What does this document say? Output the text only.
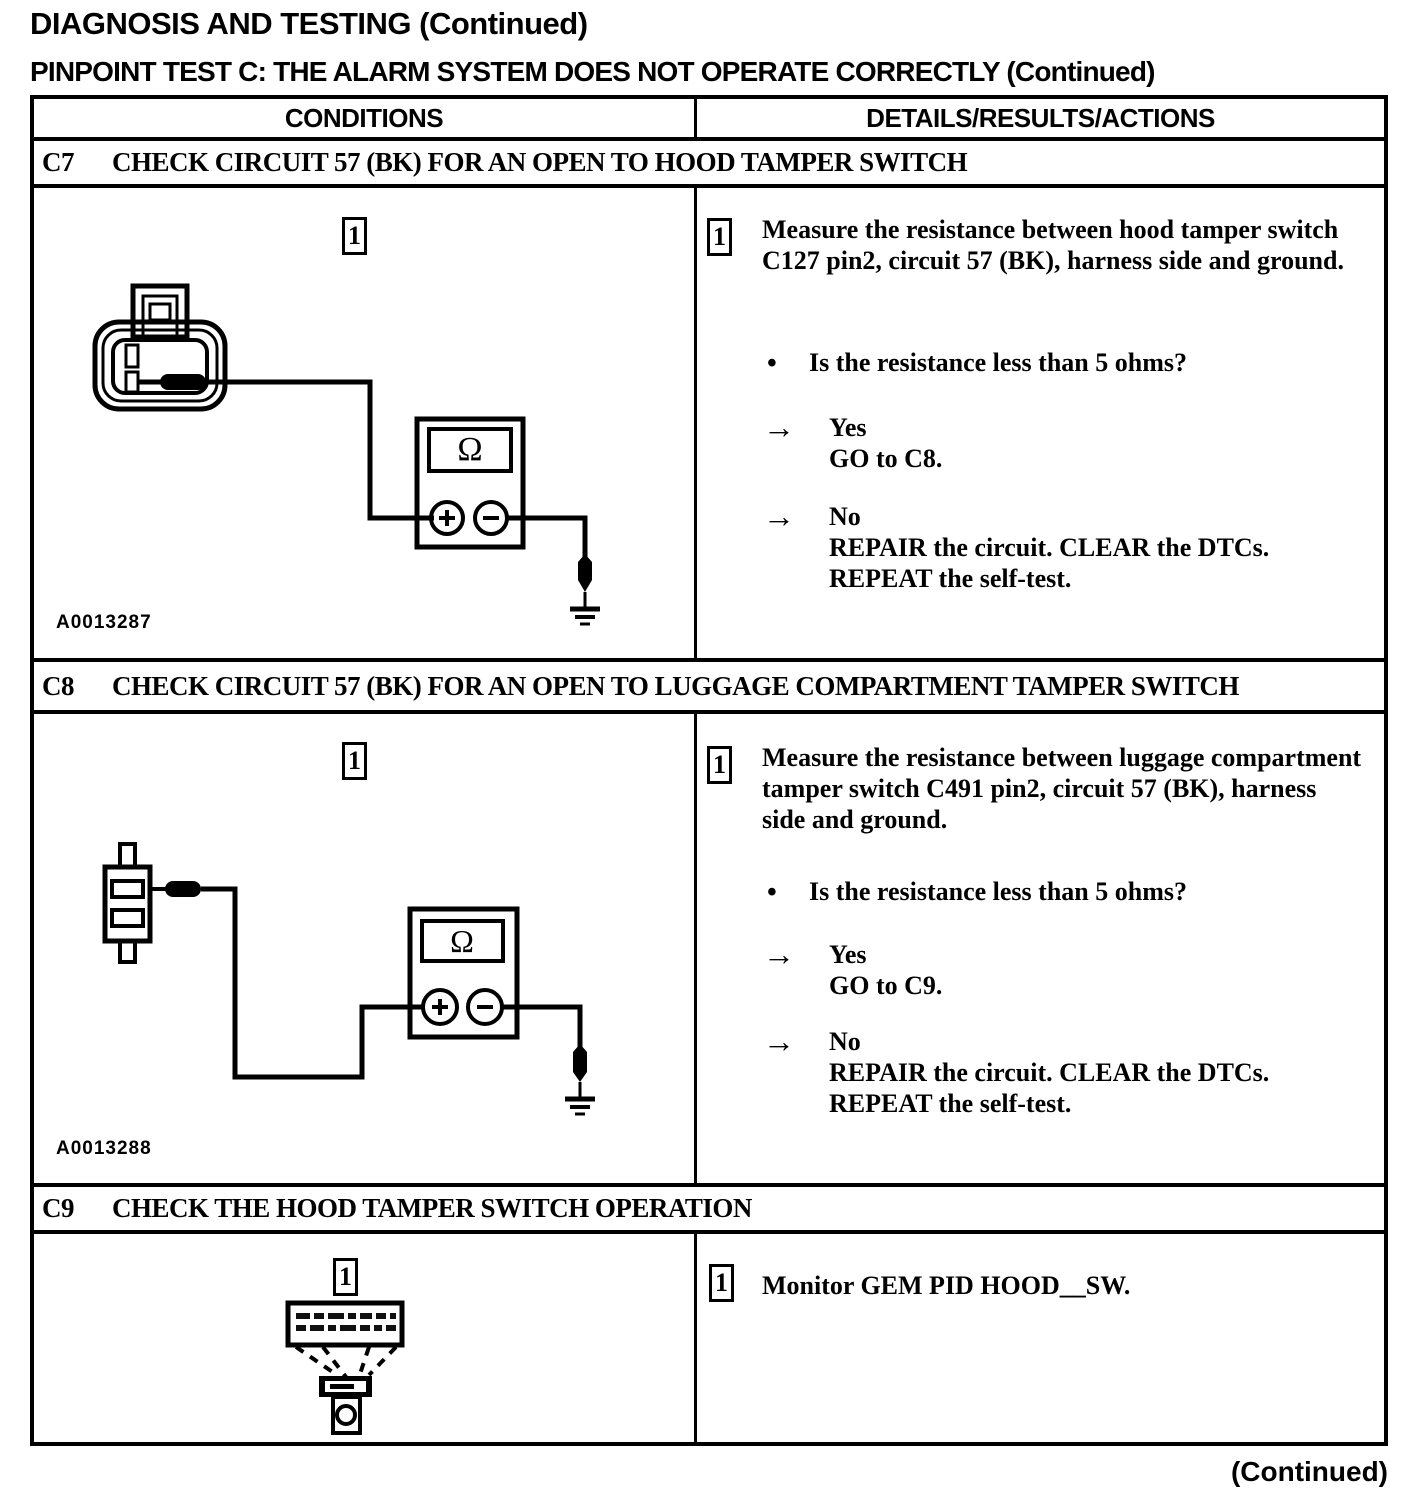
DIAGNOSIS AND TESTING (Continued)
PINPOINT TEST C: THE ALARM SYSTEM DOES NOT OPERATE CORRECTLY (Continued)
CONDITIONS	DETAILS/RESULTS/ACTIONS
C7 CHECK CIRCUIT 57 (BK) FOR AN OPEN TO HOOD TAMPER SWITCH
Ω
1
A0013287
1 Measure the resistance between hood tamper switch C127 pin2, circuit 57 (BK), harness side and ground.
•	Is the resistance less than 5 ohms?
→	Yes
GO to C8.
→	No
REPAIR the circuit. CLEAR the DTCs.
REPEAT the self-test.
C8 CHECK CIRCUIT 57 (BK) FOR AN OPEN TO LUGGAGE COMPARTMENT TAMPER SWITCH
Ω
1
A0013288
1 Measure the resistance between luggage compartment tamper switch C491 pin2, circuit 57 (BK), harness side and ground.
•	Is the resistance less than 5 ohms?
→	Yes
GO to C9.
→	No
REPAIR the circuit. CLEAR the DTCs.
REPEAT the self-test.
C9 CHECK THE HOOD TAMPER SWITCH OPERATION
1	1 Monitor GEM PID HOOD__SW.
(Continued)
